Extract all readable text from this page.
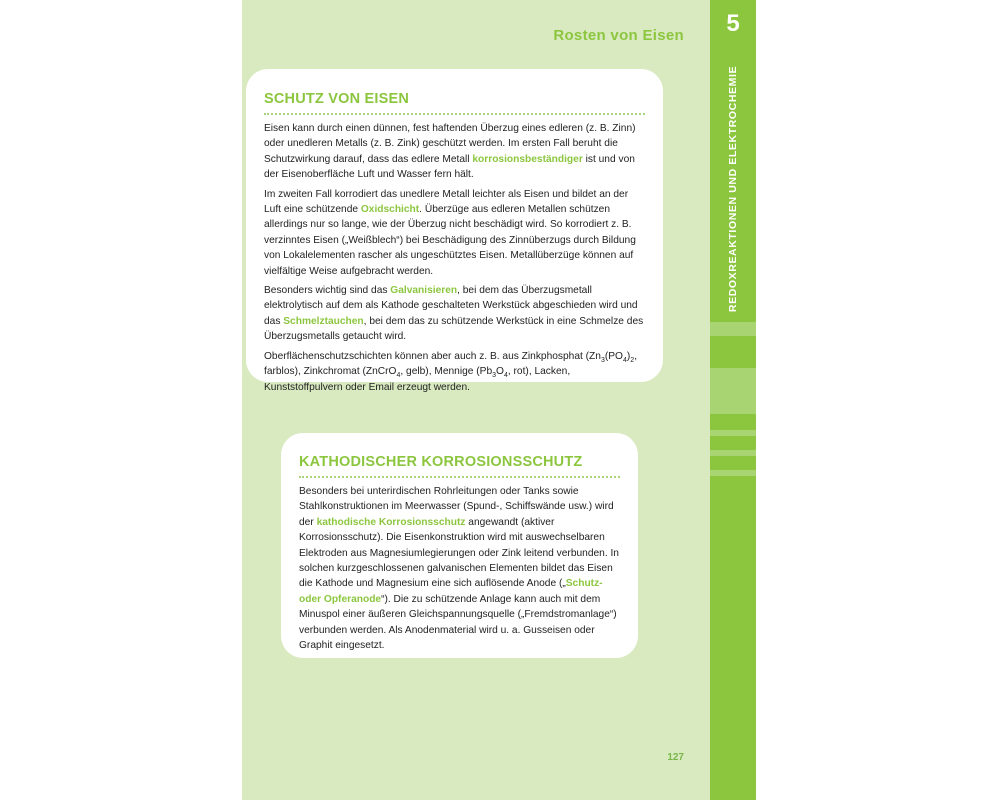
Rosten von Eisen
SCHUTZ VON EISEN

Eisen kann durch einen dünnen, fest haftenden Überzug eines edleren (z. B. Zinn) oder unedleren Metalls (z. B. Zink) geschützt werden. Im ersten Fall beruht die Schutzwirkung darauf, dass das edlere Metall korrosionsbeständiger ist und von der Eisenoberfläche Luft und Wasser fern hält.

Im zweiten Fall korrodiert das unedlere Metall leichter als Eisen und bildet an der Luft eine schützende Oxidschicht. Überzüge aus edleren Metallen schützen allerdings nur so lange, wie der Überzug nicht beschädigt wird. So korrodiert z. B. verzinntes Eisen („Weißblech“) bei Beschädigung des Zinnüberzugs durch Bildung von Lokalelementen rascher als ungeschütztes Eisen. Metallüberzüge können auf vielfältige Weise aufgebracht werden.

Besonders wichtig sind das Galvanisieren, bei dem das Überzugsmetall elektrolytisch auf dem als Kathode geschalteten Werkstück abgeschieden wird und das Schmelztauchen, bei dem das zu schützende Werkstück in eine Schmelze des Überzugsmetalls getaucht wird.

Oberflächenschutzschichten können aber auch z. B. aus Zinkphosphat ($Zn_3(PO_4)_2$, farblos), Zinkchromat (ZnCrO$_4$, gelb), Mennige ($Pb_3O_4$, rot), Lacken, Kunststoffpulvern oder Email erzeugt werden.

KATHODISCHER KORROSIONSSCHUTZ

Besonders bei unterirdischen Rohrleitungen oder Tanks sowie Stahlkonstruktionen im Meerwasser (Spund-, Schiffswände usw.) wird der kathodische Korrosionsschutz angewandt (aktiver Korrosionsschutz). Die Eisenkonstruktion wird mit auswechselbaren Elektroden aus Magnesiumlegierungen oder Zink leitend verbunden. In solchen kurzgeschlossenen galvanischen Elementen bildet das Eisen die Kathode und Magnesium eine sich auflösende Anode („Schutz- oder Opferanode“). Die zu schützende Anlage kann auch mit dem Minuspol einer äußeren Gleichspannungsquelle („Fremdstromanlage“) verbunden werden. Als Anodenmaterial wird u. a. Gusseisen oder Graphit eingesetzt.

127
5
REDOXREAKTIONEN UND ELEKTROCHEMIE
